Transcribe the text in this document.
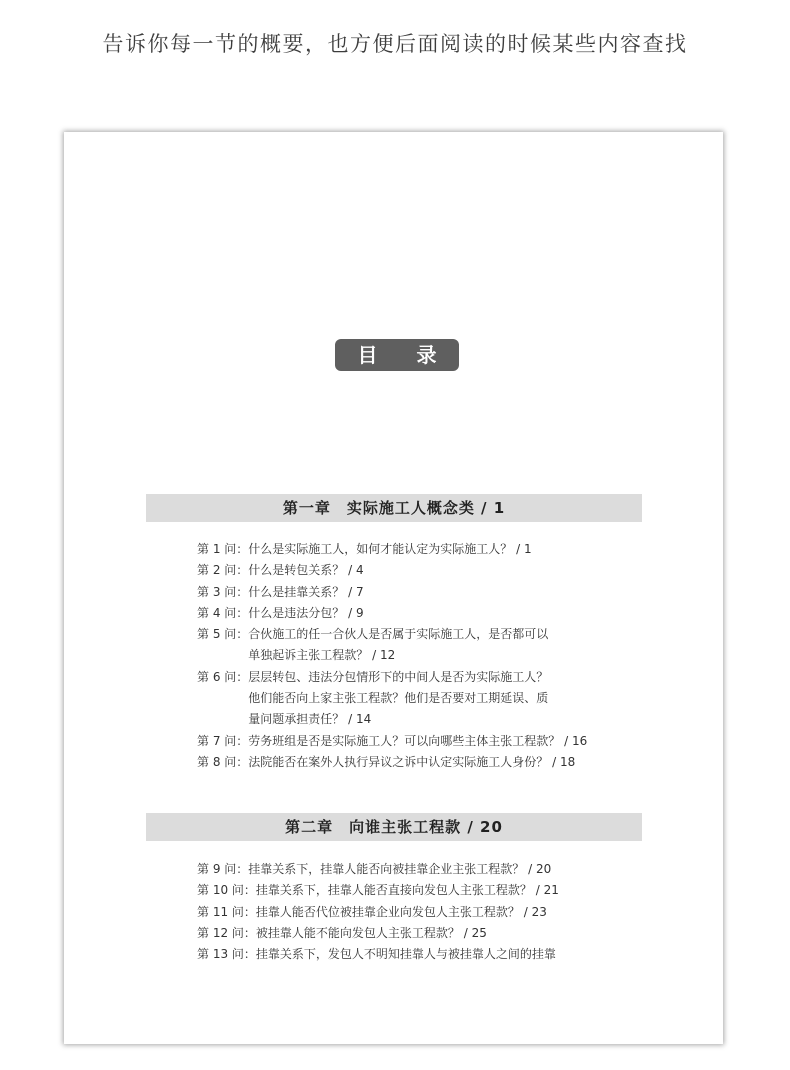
告诉你每一节的概要，也方便后面阅读的时候某些内容查找
目 录
第一章　实际施工人概念类 / 1
第 1 问：什么是实际施工人，如何才能认定为实际施工人？ / 1
第 2 问：什么是转包关系？ / 4
第 3 问：什么是挂靠关系？ / 7
第 4 问：什么是违法分包？ / 9
第 5 问：合伙施工的任一合伙人是否属于实际施工人，是否都可以
单独起诉主张工程款？ / 12
第 6 问：层层转包、违法分包情形下的中间人是否为实际施工人？
他们能否向上家主张工程款？他们是否要对工期延误、质
量问题承担责任？ / 14
第 7 问：劳务班组是否是实际施工人？可以向哪些主体主张工程款？ / 16
第 8 问：法院能否在案外人执行异议之诉中认定实际施工人身份？ / 18
第二章　向谁主张工程款 / 20
第 9 问：挂靠关系下，挂靠人能否向被挂靠企业主张工程款？ / 20
第 10 问：挂靠关系下，挂靠人能否直接向发包人主张工程款？ / 21
第 11 问：挂靠人能否代位被挂靠企业向发包人主张工程款？ / 23
第 12 问：被挂靠人能不能向发包人主张工程款？ / 25
第 13 问：挂靠关系下，发包人不明知挂靠人与被挂靠人之间的挂靠
